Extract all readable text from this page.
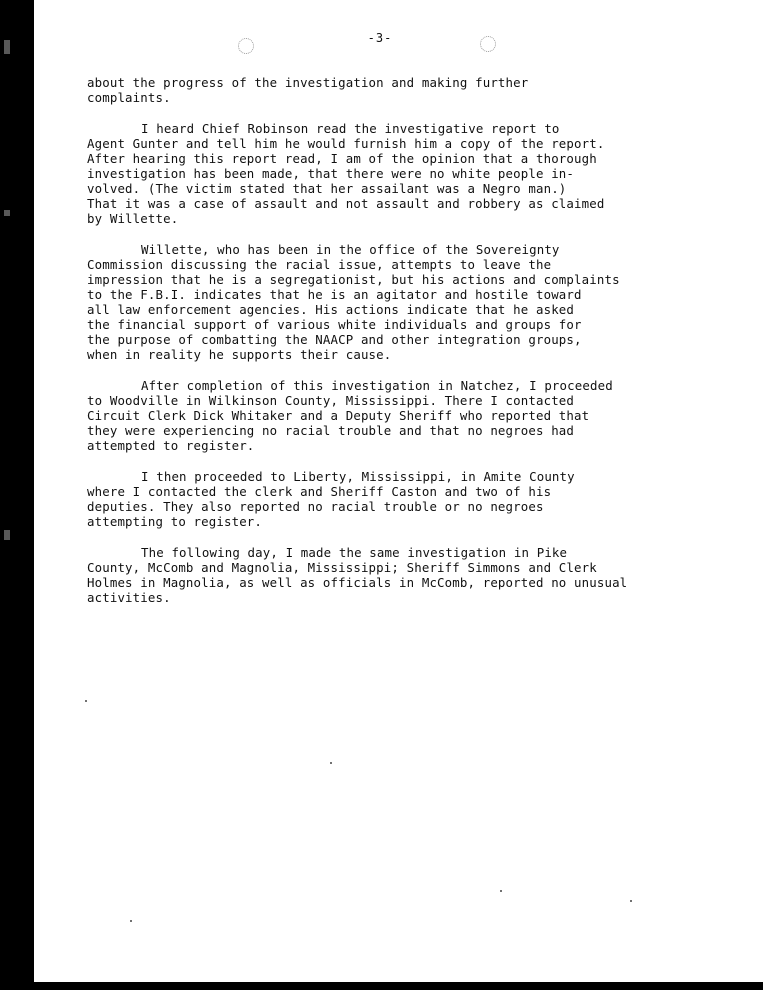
-3-

about the progress of the investigation and making further
complaints.

I heard Chief Robinson read the investigative report to
Agent Gunter and tell him he would furnish him a copy of the report.
After hearing this report read, I am of the opinion that a thorough
investigation has been made, that there were no white people in-
volved. (The victim stated that her assailant was a Negro man.)
That it was a case of assault and not assault and robbery as claimed
by Willette.

Willette, who has been in the office of the Sovereignty
Commission discussing the racial issue, attempts to leave the
impression that he is a segregationist, but his actions and complaints
to the F.B.I. indicates that he is an agitator and hostile toward
all law enforcement agencies. His actions indicate that he asked
the financial support of various white individuals and groups for
the purpose of combatting the NAACP and other integration groups,
when in reality he supports their cause.

After completion of this investigation in Natchez, I proceeded
to Woodville in Wilkinson County, Mississippi. There I contacted
Circuit Clerk Dick Whitaker and a Deputy Sheriff who reported that
they were experiencing no racial trouble and that no negroes had
attempted to register.

I then proceeded to Liberty, Mississippi, in Amite County
where I contacted the clerk and Sheriff Caston and two of his
deputies. They also reported no racial trouble or no negroes
attempting to register.

The following day, I made the same investigation in Pike
County, McComb and Magnolia, Mississippi; Sheriff Simmons and Clerk
Holmes in Magnolia, as well as officials in McComb, reported no unusual
activities.
